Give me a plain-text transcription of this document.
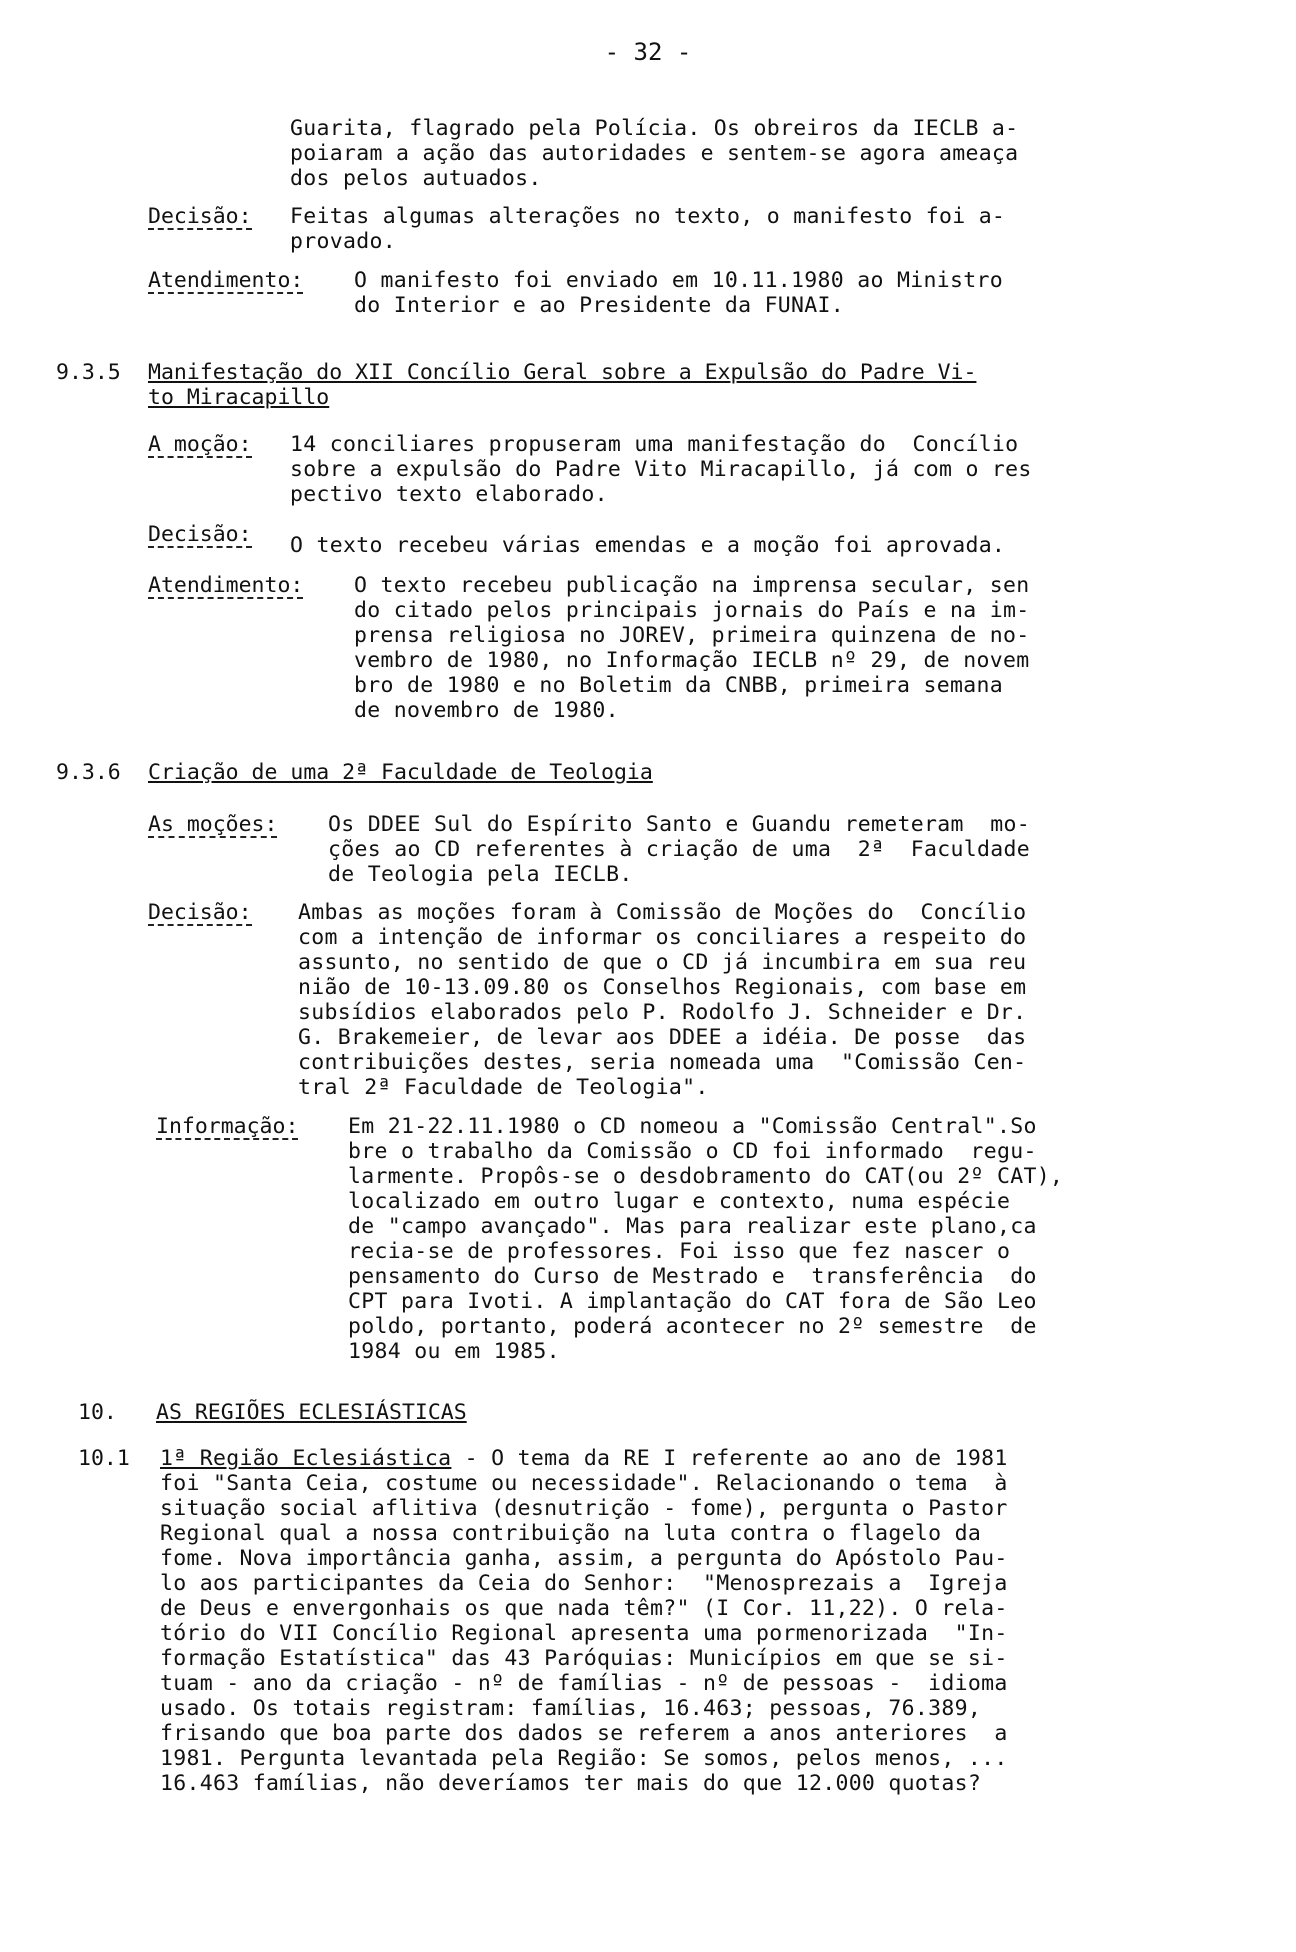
- 32 -
Guarita, flagrado pela Polícia. Os obreiros da IECLB a-
poiaram a ação das autoridades e sentem-se agora ameaça
dos pelos autuados.
Decisão: Feitas algumas alterações no texto, o manifesto foi a-
provado.
Atendimento: O manifesto foi enviado em 10.11.1980 ao Ministro
do Interior e ao Presidente da FUNAI.
9.3.5 Manifestação do XII Concílio Geral sobre a Expulsão do Padre Vi-
to Miracapillo
A moção: 14 conciliares propuseram uma manifestação do  Concílio
sobre a expulsão do Padre Vito Miracapillo, já com o res
pectivo texto elaborado.
Decisão: O texto recebeu várias emendas e a moção foi aprovada.
Atendimento: O texto recebeu publicação na imprensa secular, sen
do citado pelos principais jornais do País e na im-
prensa religiosa no JOREV, primeira quinzena de no-
vembro de 1980, no Informação IECLB nº 29, de novem
bro de 1980 e no Boletim da CNBB, primeira semana
de novembro de 1980.
9.3.6 Criação de uma 2ª Faculdade de Teologia
As moções: Os DDEE Sul do Espírito Santo e Guandu remeteram  mo-
ções ao CD referentes à criação de uma  2ª  Faculdade
de Teologia pela IECLB.
Decisão: Ambas as moções foram à Comissão de Moções do  Concílio
com a intenção de informar os conciliares a respeito do
assunto, no sentido de que o CD já incumbira em sua reu
nião de 10-13.09.80 os Conselhos Regionais, com base em
subsídios elaborados pelo P. Rodolfo J. Schneider e Dr.
G. Brakemeier, de levar aos DDEE a idéia. De posse  das
contribuições destes, seria nomeada uma  "Comissão Cen-
tral 2ª Faculdade de Teologia".
Informação: Em 21-22.11.1980 o CD nomeou a "Comissão Central".So
bre o trabalho da Comissão o CD foi informado  regu-
larmente. Propôs-se o desdobramento do CAT(ou 2º CAT),
localizado em outro lugar e contexto, numa espécie
de "campo avançado". Mas para realizar este plano,ca
recia-se de professores. Foi isso que fez nascer o
pensamento do Curso de Mestrado e  transferência  do
CPT para Ivoti. A implantação do CAT fora de São Leo
poldo, portanto, poderá acontecer no 2º semestre  de
1984 ou em 1985.
10. AS REGIÕES ECLESIÁSTICAS
10.1 1ª Região Eclesiástica - O tema da RE I referente ao ano de 1981
foi "Santa Ceia, costume ou necessidade". Relacionando o tema  à
situação social aflitiva (desnutrição - fome), pergunta o Pastor
Regional qual a nossa contribuição na luta contra o flagelo da
fome. Nova importância ganha, assim, a pergunta do Apóstolo Pau-
lo aos participantes da Ceia do Senhor:  "Menosprezais a  Igreja
de Deus e envergonhais os que nada têm?" (I Cor. 11,22). O rela-
tório do VII Concílio Regional apresenta uma pormenorizada  "In-
formação Estatística" das 43 Paróquias: Municípios em que se si-
tuam - ano da criação - nº de famílias - nº de pessoas -  idioma
usado. Os totais registram: famílias, 16.463; pessoas, 76.389,
frisando que boa parte dos dados se referem a anos anteriores  a
1981. Pergunta levantada pela Região: Se somos, pelos menos, ...
16.463 famílias, não deveríamos ter mais do que 12.000 quotas?
